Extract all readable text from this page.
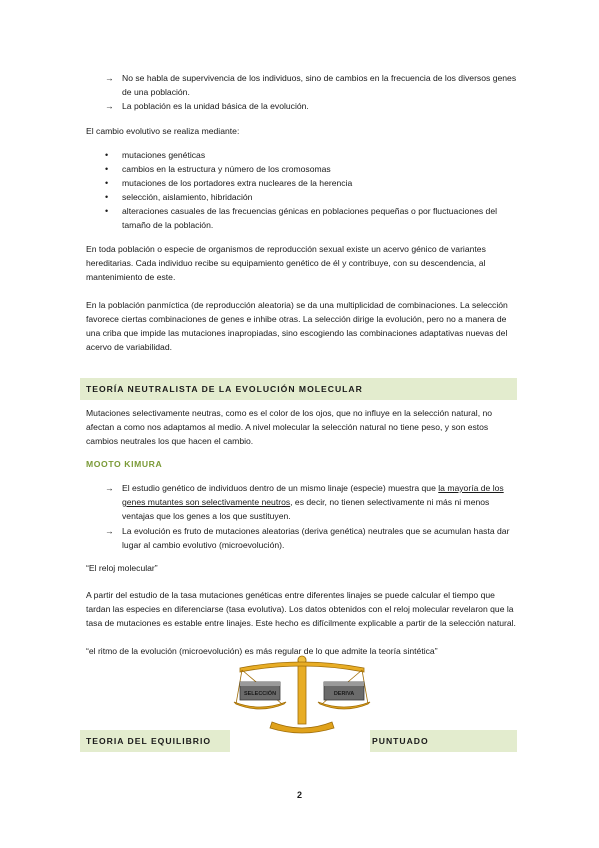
→ No se habla de supervivencia de los individuos, sino de cambios en la frecuencia de los diversos genes de una población.
→ La población es la unidad básica de la evolución.

El cambio evolutivo se realiza mediante:

•	mutaciones genéticas
•	cambios en la estructura y número de los cromosomas
•	mutaciones de los portadores extra nucleares de la herencia
•	selección, aislamiento, hibridación
•	alteraciones casuales de las frecuencias génicas en poblaciones pequeñas o por fluctuaciones del tamaño de la población.

En toda población o especie de organismos de reproducción sexual existe un acervo génico de variantes hereditarias. Cada individuo recibe su equipamiento genético de él y contribuye, con su descendencia, al mantenimiento de este.

En la población panmíctica (de reproducción aleatoria) se da una multiplicidad de combinaciones. La selección favorece ciertas combinaciones de genes e inhibe otras. La selección dirige la evolución, pero no a manera de una criba que impide las mutaciones inapropiadas, sino escogiendo las combinaciones adaptativas nuevas del acervo de variabilidad.

TEORÍA NEUTRALISTA DE LA EVOLUCIÓN MOLECULAR

Mutaciones selectivamente neutras, como es el color de los ojos, que no influye en la selección natural, no afectan a como nos adaptamos al medio. A nivel molecular la selección natural no tiene peso, y son estos cambios neutrales los que hacen el cambio.

MOOTO KIMURA
→ El estudio genético de individuos dentro de un mismo linaje (especie) muestra que la mayoría de los genes mutantes son selectivamente neutros, es decir, no tienen selectivamente ni más ni menos ventajas que los genes a los que sustituyen.
→ La evolución es fruto de mutaciones aleatorias (deriva genética) neutrales que se acumulan hasta dar lugar al cambio evolutivo (microevolución).

“El reloj molecular”

A partir del estudio de la tasa mutaciones genéticas entre diferentes linajes se puede calcular el tiempo que tardan las especies en diferenciarse (tasa evolutiva). Los datos obtenidos con el reloj molecular revelaron que la tasa de mutaciones es estable entre linajes. Este hecho es difícilmente explicable a partir de la selección natural.

“el ritmo de la evolución (microevolución) es más regular de lo que admite la teoría sintética”

TEORIA DEL EQUILIBRIO	PUNTUADO
SELECCIÓN	DERIVA
2
